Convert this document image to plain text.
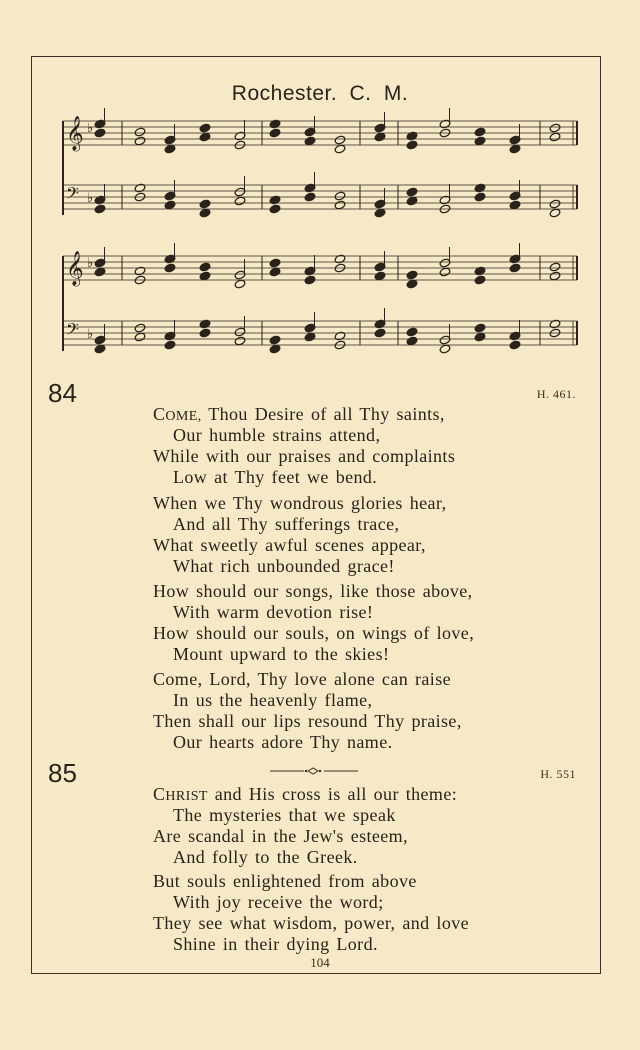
Rochester. C. M.
𝄞 ♭
𝄢 ♭
𝄞 ♭
𝄢 ♭
84	H. 461.
COME, Thou Desire of all Thy saints,
Our humble strains attend,
While with our praises and complaints
Low at Thy feet we bend.
When we Thy wondrous glories hear,
And all Thy sufferings trace,
What sweetly awful scenes appear,
What rich unbounded grace!
How should our songs, like those above,
With warm devotion rise!
How should our souls, on wings of love,
Mount upward to the skies!
Come, Lord, Thy love alone can raise
In us the heavenly flame,
Then shall our lips resound Thy praise,
Our hearts adore Thy name.
85	H. 551
CHRIST and His cross is all our theme:
The mysteries that we speak
Are scandal in the Jew's esteem,
And folly to the Greek.
But souls enlightened from above
With joy receive the word;
They see what wisdom, power, and love
Shine in their dying Lord.
104
